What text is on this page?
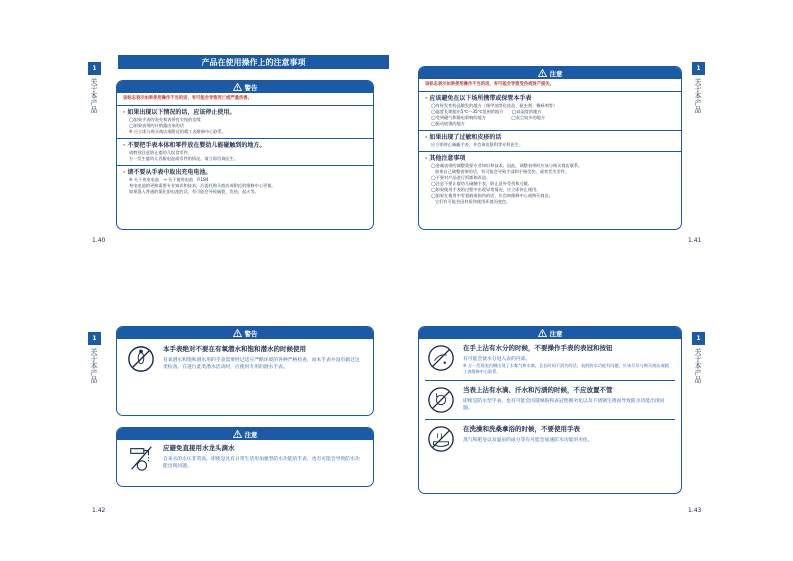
1
关于本产品
产品在使用操作上的注意事项
警告
该标志表示如果使用操作不当的话，有可能会导致死亡或严重伤害。
· 如果出现以下情况的话，应该停止使用。
◯如果手表的表壳和表带有尖锐的边缘
◯如果表带的针销露出来的话
※ 应立即与购买商店或附近的精工表维修中心联系。
· 不要把手表本体和零件放在婴幼儿能碰触到的地方。
请特别注意防止婴幼儿误食零件。
万一发生婴幼儿吞服电池或零件的情况，请立即咨询医生。
· 请不要从手表中取出充电电池。
※ 关于充电电池　→ 关于使用电池　P.184
充电电池的更换需要专业知识和技术，应委托购买商店或附近的维修中心更换。
如果混入普通的氧化银电池的话，有可能会导致破裂、发热、起火等。
1.40
注意
该标志表示如果使用操作不当的话，有可能会导致受伤或财产损失。
· 应该避免在以下场所携带或保管本手表
◯有挥发性药品散发的地方（指甲油等化妆品、驱虫剂、稀释剂等）
◯温度长期超出5℃～35℃范围的地方　　◯高湿度的地方
◯受到磁气和静电影响的地方　　　　　　◯灰尘较多的地方
◯振动较强的地方
· 如果出现了过敏和皮疹的话
应立即停止佩戴手表，并咨询皮肤科等专科医生。
· 其他注意事项
◯金属表带的调整需要专业知识和技术。因此，调整表带时应该与购买商店联系。
如果自己调整表带的话，有可能会导致手部和手指受伤，或者丢失零件。
◯不要对产品进行拆卸和改造。
◯注意不要让婴幼儿碰触手表，防止意外受伤和过敏。
◯如果使用手表的过程中出现异常情况，应立即停止使用。
◯如果在使用中有划痕或损伤的话，应咨询维修中心或购买商店。
它们有可能会因材质和使用环境而变色。
1
关于本产品
1.41
1
关于本产品
警告
本手表绝对不要在有氧潜水和饱和潜水的时候使用
有氧潜水和饱和潜水用的手表需要经过适应严酷环境的各种严格检查，而本手表并没有做过这类检查。在进行此类潜水活动时，应使用专用的潜水手表。
注意
应避免直接用水龙头滴水
自来水的水压非常高，即使是具有日常生活用加强型防水功能的手表，也有可能会导致防水功能出现问题。
1.42
注意
在手上沾有水分的时候，不要操作手表的表冠和按钮
有可能会使水分进入表的内部。
※ 万一发现表内侧出现了水雾气和水滴，且长时间不消失的话，表的防水功能有问题。应该尽早与购买商店或精工表维修中心联系。
当表上沾有水滴、汗水和污渍的时候，不应放置不管
即使是防水型手表，也有可能会因玻璃胶和表冠垫圈劣化以及不锈钢生锈而导致防水功能出现问题。
在洗澡和洗桑拿浴的时候，不要使用手表
蒸气和肥皂以及温泉的成分等有可能会加速防水功能的劣化。
1
关于本产品
1.43
